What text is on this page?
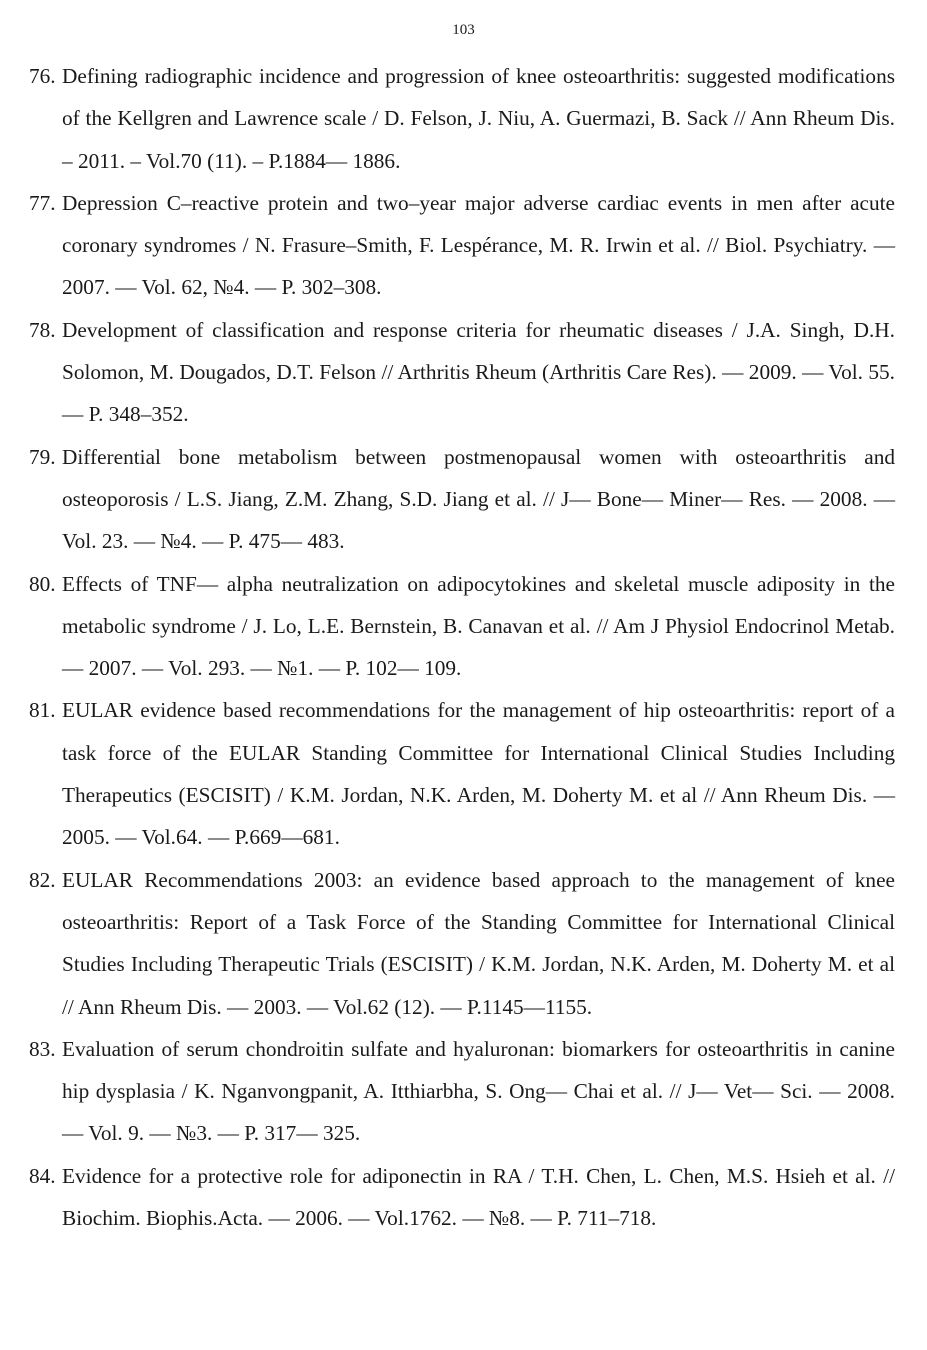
103
76. Defining radiographic incidence and progression of knee osteoarthritis: suggested modifications of the Kellgren and Lawrence scale / D. Felson, J. Niu, A. Guermazi, B. Sack // Ann Rheum Dis. – 2011. – Vol.70 (11). – P.1884— 1886.
77. Depression C–reactive protein and two–year major adverse cardiac events in men after acute coronary syndromes / N. Frasure–Smith, F. Lespérance, M. R. Irwin et al. // Biol. Psychiatry. — 2007. — Vol. 62, №4. — P. 302–308.
78. Development of classification and response criteria for rheumatic diseases / J.A. Singh, D.H. Solomon, M. Dougados, D.T. Felson // Arthritis Rheum (Arthritis Care Res). — 2009. — Vol. 55. — P. 348–352.
79. Differential bone metabolism between postmenopausal women with osteoarthritis and osteoporosis / L.S. Jiang, Z.M. Zhang, S.D. Jiang et al. // J— Bone— Miner— Res. — 2008. —Vol. 23. — №4. — P. 475— 483.
80. Effects of TNF— alpha neutralization on adipocytokines and skeletal muscle adiposity in the metabolic syndrome / J. Lo, L.E. Bernstein, B. Canavan et al. // Am J Physiol Endocrinol Metab. — 2007. — Vol. 293. — №1. — P. 102— 109.
81. EULAR evidence based recommendations for the management of hip osteoarthritis: report of a task force of the EULAR Standing Committee for International Clinical Studies Including Therapeutics (ESCISIT) / K.M. Jordan, N.K. Arden, M. Doherty M. et al // Ann Rheum Dis. — 2005. — Vol.64. — P.669—681.
82. EULAR Recommendations 2003: an evidence based approach to the management of knee osteoarthritis: Report of a Task Force of the Standing Committee for International Clinical Studies Including Therapeutic Trials (ESCISIT) / K.M. Jordan, N.K. Arden, M. Doherty M. et al // Ann Rheum Dis. — 2003. — Vol.62 (12). — P.1145—1155.
83. Evaluation of serum chondroitin sulfate and hyaluronan: biomarkers for osteoarthritis in canine hip dysplasia / K. Nganvongpanit, A. Itthiarbha, S. Ong— Chai et al. // J— Vet— Sci. — 2008. — Vol. 9. — №3. — P. 317— 325.
84. Evidence for a protective role for adiponectin in RA / T.H. Chen, L. Chen, M.S. Hsieh et al. // Biochim. Biophis.Acta. — 2006. — Vol.1762. — №8. — P. 711–718.
